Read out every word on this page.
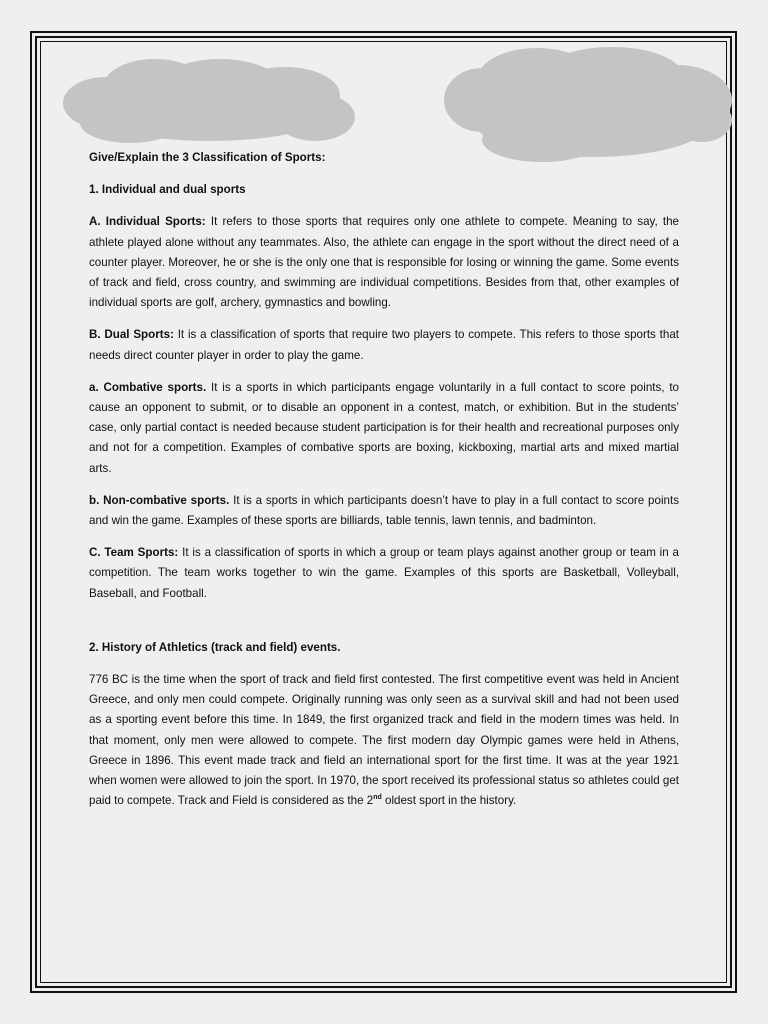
Give/Explain the 3 Classification of Sports:

1. Individual and dual sports

A. Individual Sports: It refers to those sports that requires only one athlete to compete. Meaning to say, the athlete played alone without any teammates. Also, the athlete can engage in the sport without the direct need of a counter player. Moreover, he or she is the only one that is responsible for losing or winning the game. Some events of track and field, cross country, and swimming are individual competitions. Besides from that, other examples of individual sports are golf, archery, gymnastics and bowling.

B. Dual Sports: It is a classification of sports that require two players to compete. This refers to those sports that needs direct counter player in order to play the game.

a. Combative sports. It is a sports in which participants engage voluntarily in a full contact to score points, to cause an opponent to submit, or to disable an opponent in a contest, match, or exhibition. But in the students’ case, only partial contact is needed because student participation is for their health and recreational purposes only and not for a competition. Examples of combative sports are boxing, kickboxing, martial arts and mixed martial arts.

b. Non-combative sports. It is a sports in which participants doesn’t have to play in a full contact to score points and win the game. Examples of these sports are billiards, table tennis, lawn tennis, and badminton.

C. Team Sports: It is a classification of sports in which a group or team plays against another group or team in a competition. The team works together to win the game. Examples of this sports are Basketball, Volleyball, Baseball, and Football.

2. History of Athletics (track and field) events.

776 BC is the time when the sport of track and field first contested. The first competitive event was held in Ancient Greece, and only men could compete. Originally running was only seen as a survival skill and had not been used as a sporting event before this time. In 1849, the first organized track and field in the modern times was held. In that moment, only men were allowed to compete. The first modern day Olympic games were held in Athens, Greece in 1896. This event made track and field an international sport for the first time. It was at the year 1921 when women were allowed to join the sport. In 1970, the sport received its professional status so athletes could get paid to compete. Track and Field is considered as the 2nd oldest sport in the history.
